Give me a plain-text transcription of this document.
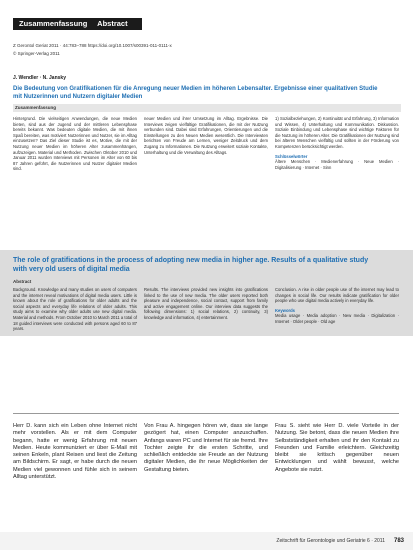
Zusammenfassung Abstract
Z Gerontol Geriat 2011 · 44:783–788 https://doi.org/10.1007/s00391-011-0111-x
© Springer-Verlag 2011
J. Wendler · N. Jansky
Die Bedeutung von Gratifikationen für die Anregung neuer Medien im höheren Lebensalter. Ergebnisse einer qualitativen Studie mit Nutzerinnen und Nutzern digitaler Medien
Zusammenfassung
Hintergrund. Die vielseitigen Anwendungen, die neue Medien bieten, sind aus der Jugend und der mittleren Lebensphase bereits bekannt. Was bedeuten digitale Medien, die mit ihnen Spaß bereiten, was motiviert Nutzerinnen und Nutzer, sie im Alltag einzusetzen? Das Ziel dieser Studie ist es, Motive, die mit der Nutzung neuer Medien im höheren Alter zusammenhängen, aufzuzeigen. Material und Methoden. Zwischen Oktober 2010 und Januar 2011 wurden Interviews mit Personen im Alter von 60 bis 87 Jahren geführt, die Nutzerinnen und Nutzer digitaler Medien sind.
neuer Medien und ihrer Umsetzung im Alltag. Ergebnisse. Die Interviews zeigen vielfältige Gratifikationen, die mit der Nutzung verbunden sind. Dabei sind Erfahrungen, Orientierungen und die Einstellungen zu den Neuen Medien wesentlich. Die Interviewten berichten von Freude am Lernen, weniger Zeitdruck und dem Zugang zu Informationen. Die Nutzung erweitert soziale Kontakte, Unterhaltung und die Verwaltung des Alltags.
1) Sozialbeziehungen, 2) Kontinuität und Erfahrung, 3) Information und Wissen, 4) Unterhaltung und Kommunikation. Diskussion. Soziale Einbindung und Lebensphase sind wichtige Faktoren für die Nutzung im höheren Alter. Die Gratifikationen der Nutzung sind bei älteren Menschen vielfältig und sollten in der Förderung von Kompetenzen berücksichtigt werden.
Schlüsselwörter
Ältere Menschen · Medienerfahrung · Neue Medien · Digitalisierung · Internet · Sinn
The role of gratifications in the process of adopting new media in higher age. Results of a qualitative study with very old users of digital media
Abstract
Background. Knowledge and many studies on users of computers and the internet reveal motivations of digital media users. Little is known about the role of gratifications for older adults and the social aspects and everyday life relations of older adults. This study aims to examine why older adults use new digital media. Material and methods. From October 2010 to March 2011 a total of 18 guided interviews were conducted with persons aged 60 to 87 years.
Results. The interviews provided new insights into gratifications linked to the use of new media. The older users reported both pleasure and independence, social contact, support from family and active engagement online. Our interview data suggests the following dimensions: 1) social relations, 2) continuity, 3) knowledge and information, 4) entertainment.
Conclusion. A rise in older people use of the internet may lead to changes in social life. Our results indicate gratification for older people who use digital media actively in everyday life.
Keywords
Media usage · Media adoption · New media · Digitalization · Internet · Older people · Old age
Herr D. kann sich ein Leben ohne Internet nicht mehr vorstellen. Als er mit dem Computer begann, hatte er wenig Erfahrung mit neuen Medien. Heute kommuniziert er über E-Mail mit seinen Enkeln, plant Reisen und liest die Zeitung am Bildschirm. Er sagt, er habe durch die neuen Medien viel gewonnen und fühle sich in seinem Alltag unterstützt.
Von Frau A. hingegen hören wir, dass sie lange gezögert hat, einen Computer anzuschaffen. Anfangs waren PC und Internet für sie fremd. Ihre Tochter zeigte ihr die ersten Schritte, und schließlich entdeckte sie Freude an der Nutzung digitaler Medien, die ihr neue Möglichkeiten der Gestaltung bieten.
Frau S. sieht wie Herr D. viele Vorteile in der Nutzung. Sie betont, dass die neuen Medien ihre Selbstständigkeit erhalten und ihr den Kontakt zu Freunden und Familie erleichtern. Gleichzeitig bleibt sie kritisch gegenüber neuen Entwicklungen und wählt bewusst, welche Angebote sie nutzt.
Zeitschrift für Gerontologie und Geriatrie 6 · 2011 783
